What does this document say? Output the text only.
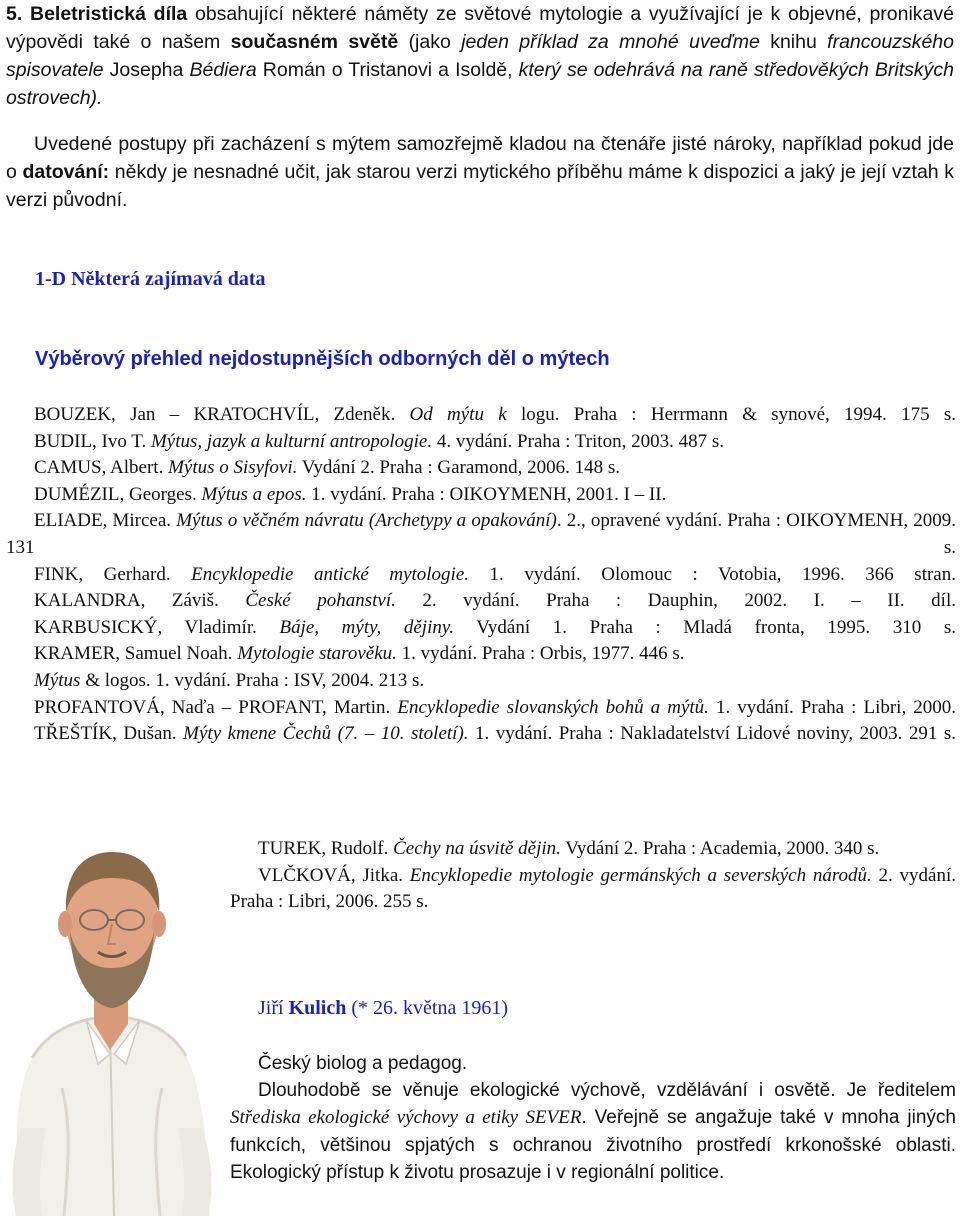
5. Beletristická díla obsahující některé náměty ze světové mytologie a využívající je k objevné, pronikavé výpovědi také o našem současném světě (jako jeden příklad za mnohé uveďme knihu francouzského spisovatele Josepha Bédiera Román o Tristanovi a Isoldě, který se odehrává na raně středověkých Britských ostrovech).

Uvedené postupy při zacházení s mýtem samozřejmě kladou na čtenáře jisté nároky, například pokud jde o datování: někdy je nesnadné učit, jak starou verzi mytického příběhu máme k dispozici a jaký je její vztah k verzi původní.

1-D Některá zajímavá data
Výběrový přehled nejdostupnějších odborných děl o mýtech
BOUZEK, Jan – KRATOCHVÍL, Zdeněk. Od mýtu k logu. Praha : Herrmann & synové, 1994. 175 s.
BUDIL, Ivo T. Mýtus, jazyk a kulturní antropologie. 4. vydání. Praha : Triton, 2003. 487 s.
CAMUS, Albert. Mýtus o Sisyfovi. Vydání 2. Praha : Garamond, 2006. 148 s.
DUMÉZIL, Georges. Mýtus a epos. 1. vydání. Praha : OIKOYMENH, 2001. I – II.
ELIADE, Mircea. Mýtus o věčném návratu (Archetypy a opakování). 2., opravené vydání. Praha : OIKOYMENH, 2009. 131 s.
FINK, Gerhard. Encyklopedie antické mytologie. 1. vydání. Olomouc : Votobia, 1996. 366 stran.
KALANDRA, Záviš. České pohanství. 2. vydání. Praha : Dauphin, 2002. I. – II. díl.
KARBUSICKÝ, Vladimír. Báje, mýty, dějiny. Vydání 1. Praha : Mladá fronta, 1995. 310 s.
KRAMER, Samuel Noah. Mytologie starověku. 1. vydání. Praha : Orbis, 1977. 446 s.
Mýtus & logos. 1. vydání. Praha : ISV, 2004. 213 s.
PROFANTOVÁ, Naďa – PROFANT, Martin. Encyklopedie slovanských bohů a mýtů. 1. vydání. Praha : Libri, 2000.
TŘEŠTÍK, Dušan. Mýty kmene Čechů (7. – 10. století). 1. vydání. Praha : Nakladatelství Lidové noviny, 2003. 291 s.
TUREK, Rudolf. Čechy na úsvitě dějin. Vydání 2. Praha : Academia, 2000. 340 s.
VLČKOVÁ, Jitka. Encyklopedie mytologie germánských a severských národů. 2. vydání. Praha : Libri, 2006. 255 s.
Jiří Kulich (* 26. května 1961)

Český biolog a pedagog.

Dlouhodobě se věnuje ekologické výchově, vzdělávání i osvětě. Je ředitelem Střediska ekologické výchovy a etiky SEVER. Veřejně se angažuje také v mnoha jiných funkcích, většinou spjatých s ochranou životního prostředí krkonošské oblasti. Ekologický přístup k životu prosazuje i v regionální politice.
